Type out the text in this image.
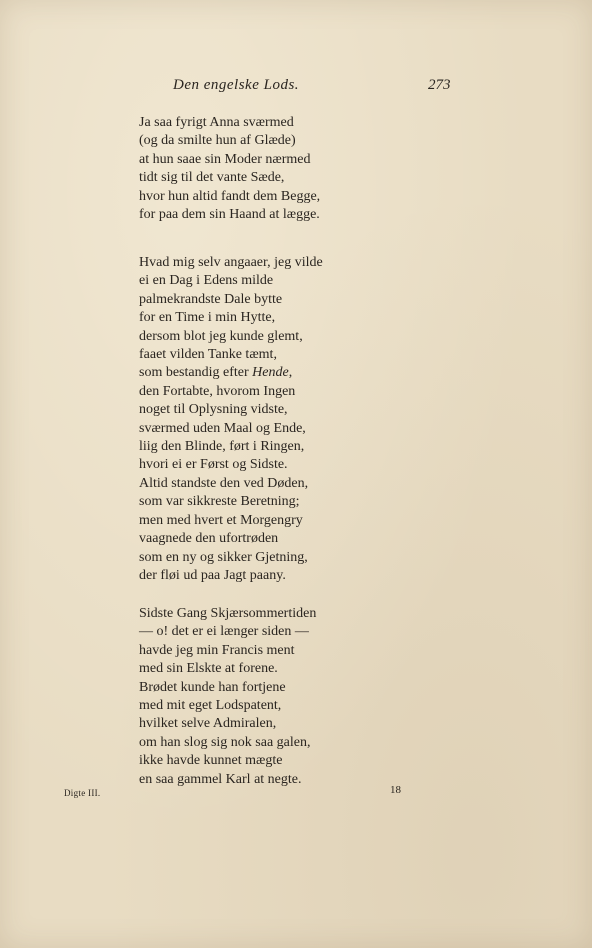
Den engelske Lods.	273
Ja saa fyrigt Anna sværmed
(og da smilte hun af Glæde)
at hun saae sin Moder nærmed
tidt sig til det vante Sæde,
hvor hun altid fandt dem Begge,
for paa dem sin Haand at lægge.
Hvad mig selv angaaer, jeg vilde
ei en Dag i Edens milde
palmekrandste Dale bytte
for en Time i min Hytte,
dersom blot jeg kunde glemt,
faaet vilden Tanke tæmt,
som bestandig efter Hende,
den Fortabte, hvorom Ingen
noget til Oplysning vidste,
sværmed uden Maal og Ende,
liig den Blinde, ført i Ringen,
hvori ei er Først og Sidste.
Altid standste den ved Døden,
som var sikkreste Beretning;
men med hvert et Morgengry
vaagnede den ufortrøden
som en ny og sikker Gjetning,
der fløi ud paa Jagt paany.
Sidste Gang Skjærsommertiden
— o! det er ei længer siden —
havde jeg min Francis ment
med sin Elskte at forene.
Brødet kunde han fortjene
med mit eget Lodspatent,
hvilket selve Admiralen,
om han slog sig nok saa galen,
ikke havde kunnet mægte
en saa gammel Karl at negte.
Digte III.	18
